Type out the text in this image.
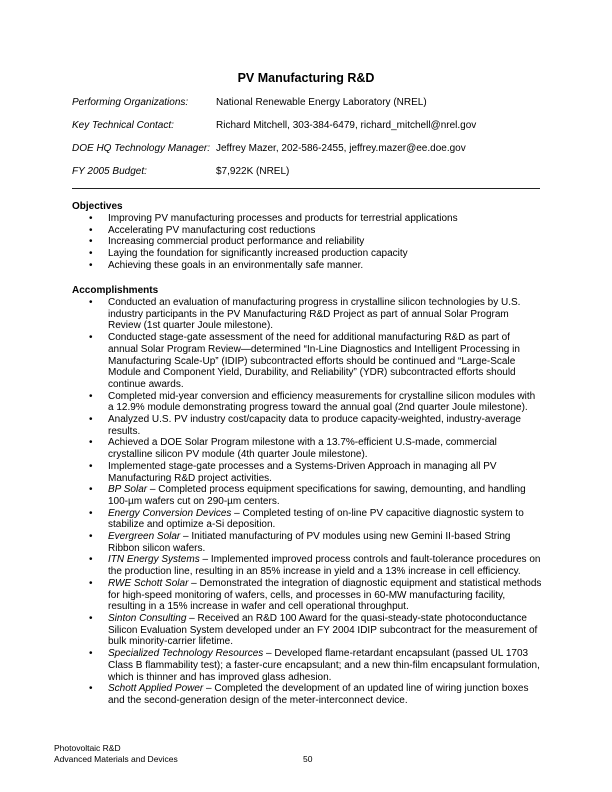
PV Manufacturing R&D
Performing Organizations:	National Renewable Energy Laboratory (NREL)
Key Technical Contact:	Richard Mitchell, 303-384-6479, richard_mitchell@nrel.gov
DOE HQ Technology Manager: Jeffrey Mazer, 202-586-2455, jeffrey.mazer@ee.doe.gov
FY 2005 Budget:	$7,922K (NREL)
Objectives
• Improving PV manufacturing processes and products for terrestrial applications
• Accelerating PV manufacturing cost reductions
• Increasing commercial product performance and reliability
• Laying the foundation for significantly increased production capacity
• Achieving these goals in an environmentally safe manner.
Accomplishments
• Conducted an evaluation of manufacturing progress in crystalline silicon technologies by U.S. industry participants in the PV Manufacturing R&D Project as part of annual Solar Program Review (1st quarter Joule milestone).
• Conducted stage-gate assessment of the need for additional manufacturing R&D as part of annual Solar Program Review—determined “In-Line Diagnostics and Intelligent Processing in Manufacturing Scale-Up” (IDIP) subcontracted efforts should be continued and “Large-Scale Module and Component Yield, Durability, and Reliability” (YDR) subcontracted efforts should continue awards.
• Completed mid-year conversion and efficiency measurements for crystalline silicon modules with a 12.9% module demonstrating progress toward the annual goal (2nd quarter Joule milestone).
• Analyzed U.S. PV industry cost/capacity data to produce capacity-weighted, industry-average results.
• Achieved a DOE Solar Program milestone with a 13.7%-efficient U.S-made, commercial crystalline silicon PV module (4th quarter Joule milestone).
• Implemented stage-gate processes and a Systems-Driven Approach in managing all PV Manufacturing R&D project activities.
• BP Solar – Completed process equipment specifications for sawing, demounting, and handling 100-µm wafers cut on 290-µm centers.
• Energy Conversion Devices – Completed testing of on-line PV capacitive diagnostic system to stabilize and optimize a-Si deposition.
• Evergreen Solar – Initiated manufacturing of PV modules using new Gemini II-based String Ribbon silicon wafers.
• ITN Energy Systems – Implemented improved process controls and fault-tolerance procedures on the production line, resulting in an 85% increase in yield and a 13% increase in cell efficiency.
• RWE Schott Solar – Demonstrated the integration of diagnostic equipment and statistical methods for high-speed monitoring of wafers, cells, and processes in 60-MW manufacturing facility, resulting in a 15% increase in wafer and cell operational throughput.
• Sinton Consulting – Received an R&D 100 Award for the quasi-steady-state photoconductance Silicon Evaluation System developed under an FY 2004 IDIP subcontract for the measurement of bulk minority-carrier lifetime.
• Specialized Technology Resources – Developed flame-retardant encapsulant (passed UL 1703 Class B flammability test); a faster-cure encapsulant; and a new thin-film encapsulant formulation, which is thinner and has improved glass adhesion.
• Schott Applied Power – Completed the development of an updated line of wiring junction boxes and the second-generation design of the meter-interconnect device.
Photovoltaic R&D
Advanced Materials and Devices	50
